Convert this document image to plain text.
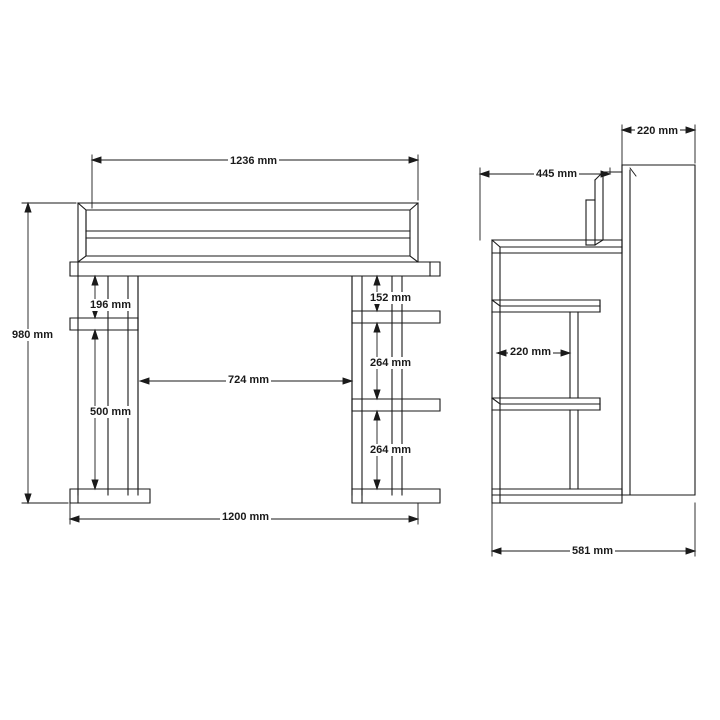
1236 mm
980 mm
196 mm
500 mm
724 mm
152 mm
264 mm
264 mm
1200 mm
220 mm
445 mm
220 mm
581 mm
